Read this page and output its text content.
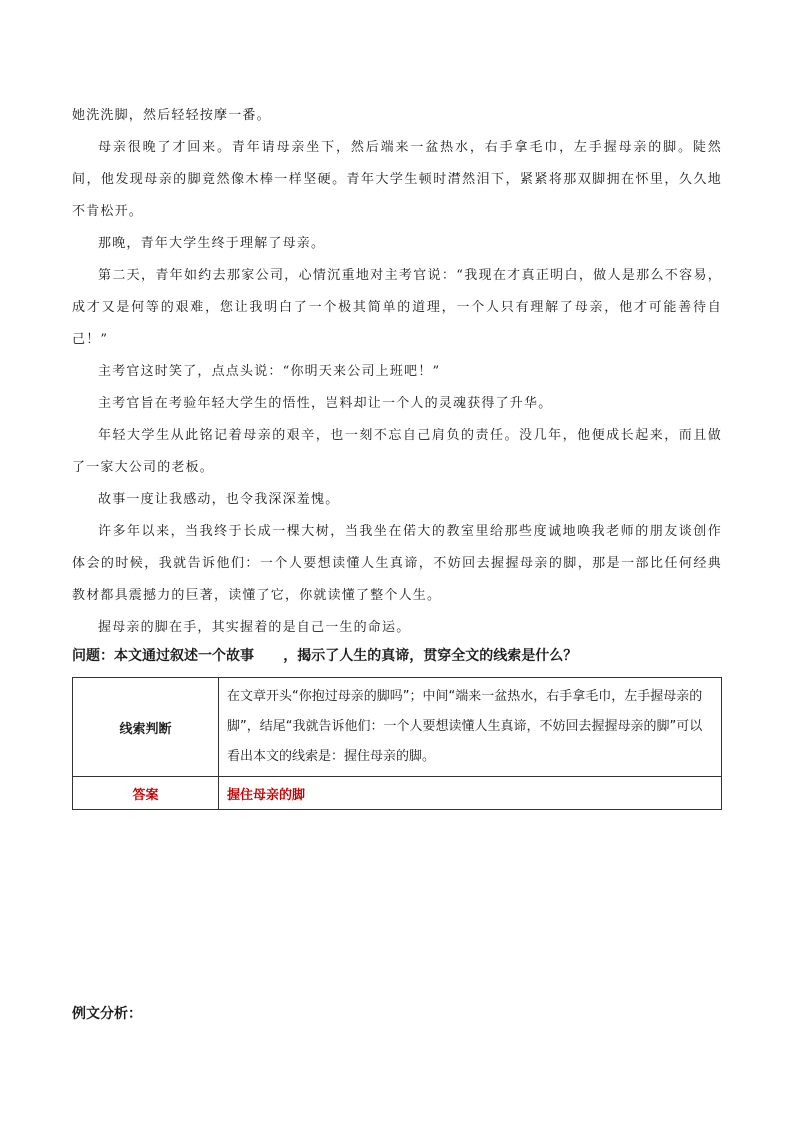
她洗洗脚，然后轻轻按摩一番。

母亲很晚了才回来。青年请母亲坐下，然后端来一盆热水，右手拿毛巾，左手握母亲的脚。陡然间，他发现母亲的脚竟然像木棒一样坚硬。青年大学生顿时潸然泪下，紧紧将那双脚拥在怀里，久久地不肯松开。

那晚，青年大学生终于理解了母亲。

第二天，青年如约去那家公司，心情沉重地对主考官说：“我现在才真正明白，做人是那么不容易，成才又是何等的艰难，您让我明白了一个极其简单的道理，一个人只有理解了母亲，他才可能善待自己！”

主考官这时笑了，点点头说：“你明天来公司上班吧！”

主考官旨在考验年轻大学生的悟性，岂料却让一个人的灵魂获得了升华。

年轻大学生从此铭记着母亲的艰辛，也一刻不忘自己肩负的责任。没几年，他便成长起来，而且做了一家大公司的老板。

故事一度让我感动，也令我深深羞愧。

许多年以来，当我终于长成一棵大树，当我坐在偌大的教室里给那些度诚地唤我老师的朋友谈创作体会的时候，我就告诉他们：一个人要想读懂人生真谛，不妨回去握握母亲的脚，那是一部比任何经典教材都具震撼力的巨著，读懂了它，你就读懂了整个人生。

握母亲的脚在手，其实握着的是自己一生的命运。

问题：本文通过叙述一个故事      ，揭示了人生的真谛，贯穿全文的线索是什么？
线索判断	在文章开头“你抱过母亲的脚吗”；中间“端来一盆热水，右手拿毛巾，左手握母亲的脚”，结尾“我就告诉他们：一个人要想读懂人生真谛，不妨回去握握母亲的脚”可以看出本文的线索是：握住母亲的脚。
答案	握住母亲的脚
例文分析：
